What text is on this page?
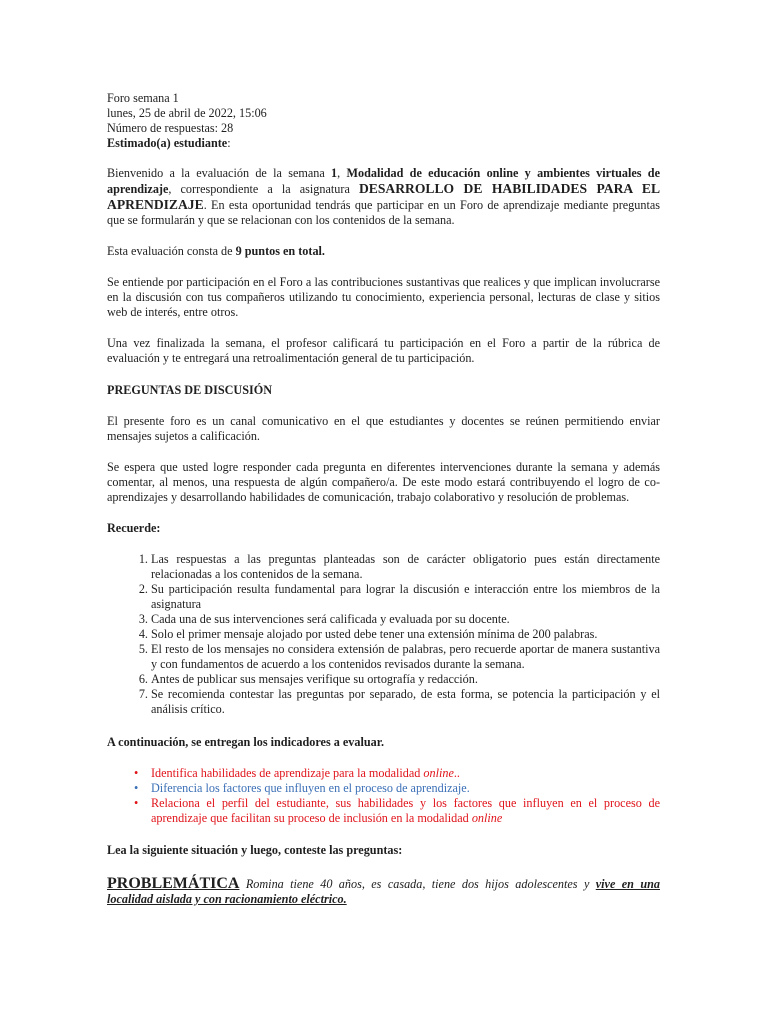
Foro semana 1
lunes, 25 de abril de 2022, 15:06
Número de respuestas: 28
Estimado(a) estudiante:

Bienvenido a la evaluación de la semana 1, Modalidad de educación online y ambientes virtuales de aprendizaje, correspondiente a la asignatura DESARROLLO DE HABILIDADES PARA EL APRENDIZAJE. En esta oportunidad tendrás que participar en un Foro de aprendizaje mediante preguntas que se formularán y que se relacionan con los contenidos de la semana.

Esta evaluación consta de 9 puntos en total.

Se entiende por participación en el Foro a las contribuciones sustantivas que realices y que implican involucrarse en la discusión con tus compañeros utilizando tu conocimiento, experiencia personal, lecturas de clase y sitios web de interés, entre otros.

Una vez finalizada la semana, el profesor calificará tu participación en el Foro a partir de la rúbrica de evaluación y te entregará una retroalimentación general de tu participación.

PREGUNTAS DE DISCUSIÓN

El presente foro es un canal comunicativo en el que estudiantes y docentes se reúnen permitiendo enviar mensajes sujetos a calificación.

Se espera que usted logre responder cada pregunta en diferentes intervenciones durante la semana y además comentar, al menos, una respuesta de algún compañero/a. De este modo estará contribuyendo el logro de co-aprendizajes y desarrollando habilidades de comunicación, trabajo colaborativo y resolución de problemas.

Recuerde:

1. Las respuestas a las preguntas planteadas son de carácter obligatorio pues están directamente relacionadas a los contenidos de la semana.
2. Su participación resulta fundamental para lograr la discusión e interacción entre los miembros de la asignatura
3. Cada una de sus intervenciones será calificada y evaluada por su docente.
4. Solo el primer mensaje alojado por usted debe tener una extensión mínima de 200 palabras.
5. El resto de los mensajes no considera extensión de palabras, pero recuerde aportar de manera sustantiva y con fundamentos de acuerdo a los contenidos revisados durante la semana.
6. Antes de publicar sus mensajes verifique su ortografía y redacción.
7. Se recomienda contestar las preguntas por separado, de esta forma, se potencia la participación y el análisis crítico.

A continuación, se entregan los indicadores a evaluar.

• Identifica habilidades de aprendizaje para la modalidad online..
• Diferencia los factores que influyen en el proceso de aprendizaje.
• Relaciona el perfil del estudiante, sus habilidades y los factores que influyen en el proceso de aprendizaje que facilitan su proceso de inclusión en la modalidad online

Lea la siguiente situación y luego, conteste las preguntas:

PROBLEMÁTICA Romina tiene 40 años, es casada, tiene dos hijos adolescentes y vive en una localidad aislada y con racionamiento eléctrico.
